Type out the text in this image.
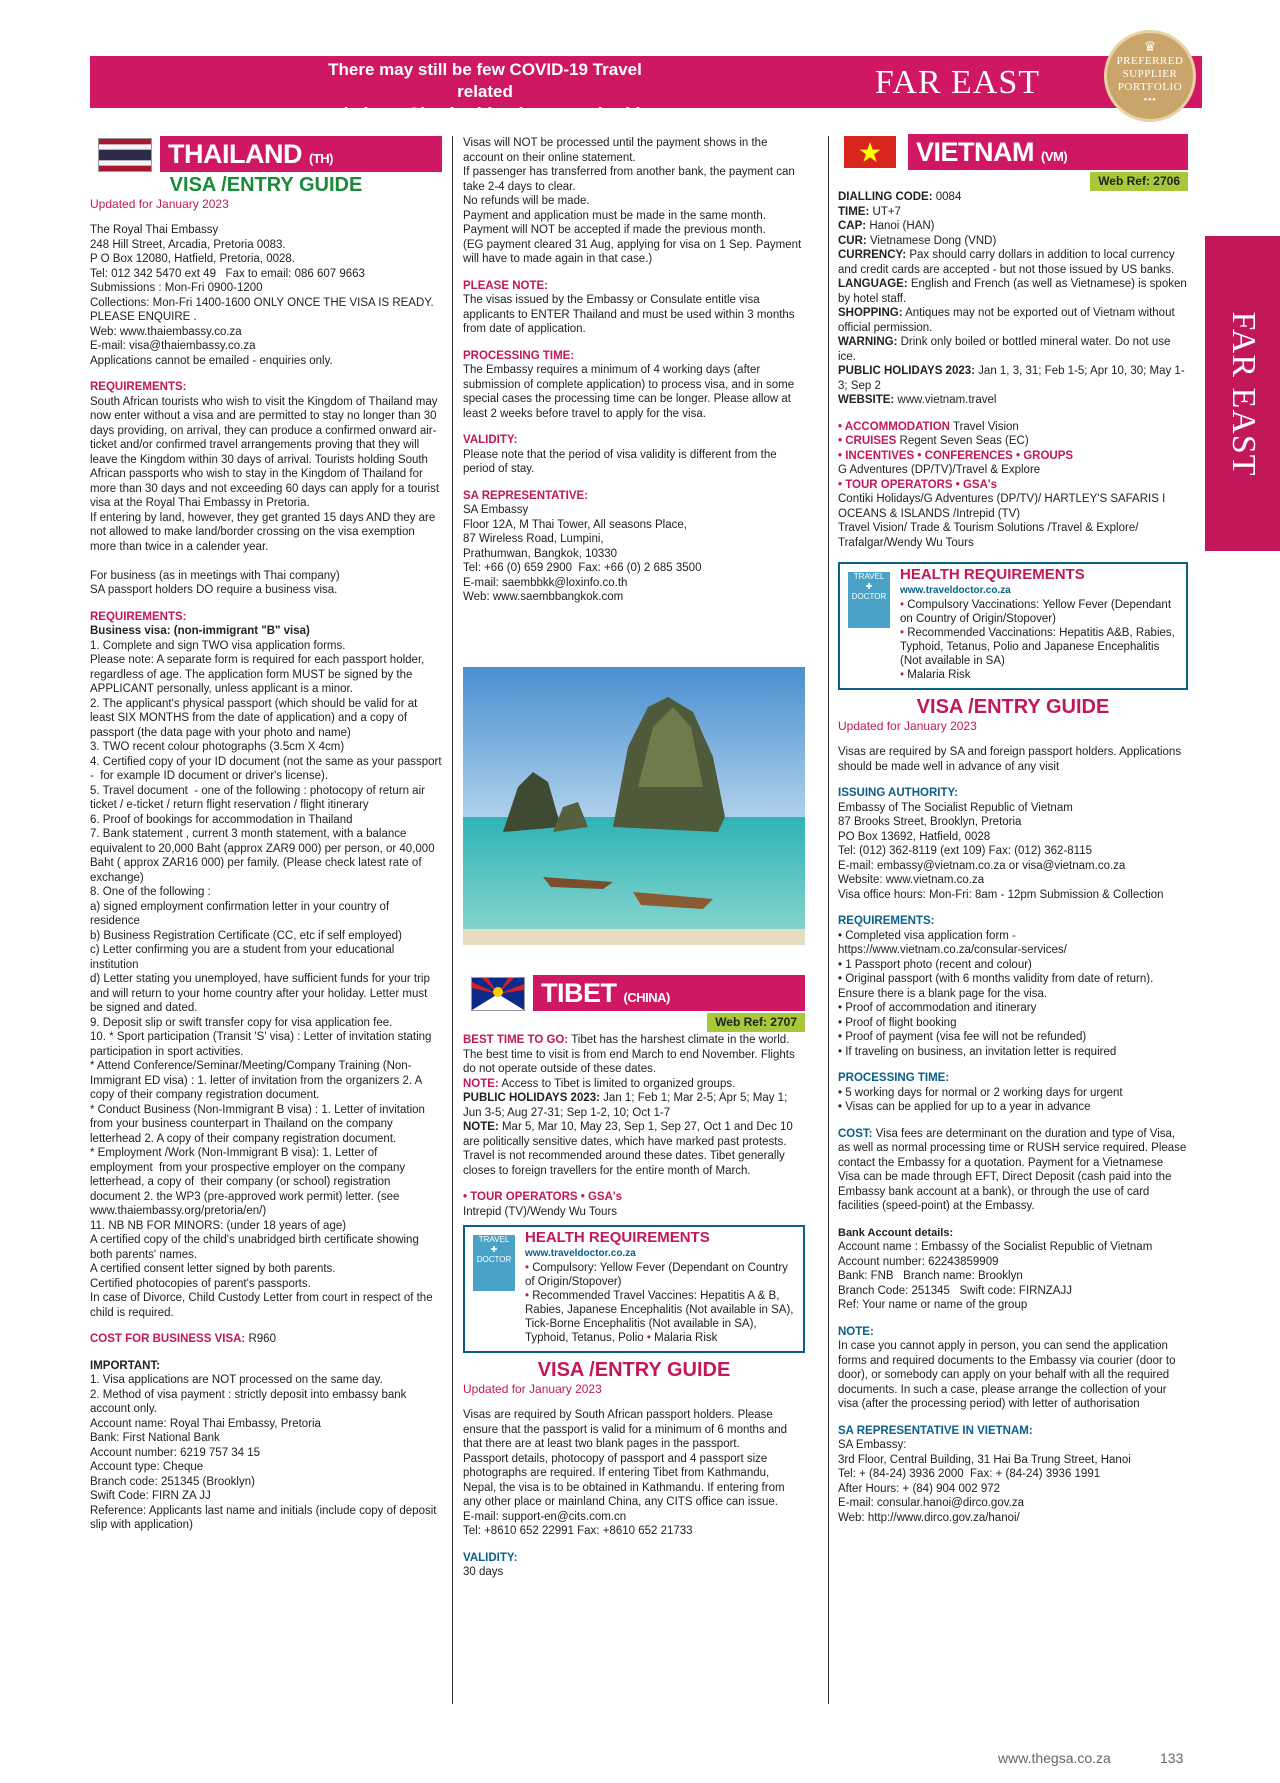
There may still be few COVID-19 Travel related
restrictions. Check with relevant authorities.
FAR EAST
♛
PREFERRED
SUPPLIER
PORTFOLIO
•••
FAR EAST
THAILAND (TH)
VISA /ENTRY GUIDE
Updated for January 2023
The Royal Thai Embassy
248 Hill Street, Arcadia, Pretoria 0083.
P O Box 12080, Hatfield, Pretoria, 0028.
Tel: 012 342 5470 ext 49   Fax to email: 086 607 9663
Submissions : Mon-Fri 0900-1200
Collections: Mon-Fri 1400-1600 ONLY ONCE THE VISA IS READY. PLEASE ENQUIRE .
Web: www.thaiembassy.co.za
E-mail: visa@thaiembassy.co.za
Applications cannot be emailed - enquiries only.
REQUIREMENTS:
South African tourists who wish to visit the Kingdom of Thailand may now enter without a visa and are permitted to stay no longer than 30 days providing, on arrival, they can produce a confirmed onward air-ticket and/or confirmed travel arrangements proving that they will leave the Kingdom within 30 days of arrival. Tourists holding South African passports who wish to stay in the Kingdom of Thailand for more than 30 days and not exceeding 60 days can apply for a tourist visa at the Royal Thai Embassy in Pretoria.
If entering by land, however, they get granted 15 days AND they are not allowed to make land/border crossing on the visa exemption more than twice in a calender year.

For business (as in meetings with Thai company)
SA passport holders DO require a business visa.
REQUIREMENTS:
Business visa: (non-immigrant "B" visa)
1. Complete and sign TWO visa application forms.
Please note: A separate form is required for each passport holder, regardless of age. The application form MUST be signed by the APPLICANT personally, unless applicant is a minor.
2. The applicant's physical passport (which should be valid for at least SIX MONTHS from the date of application) and a copy of passport (the data page with your photo and name)
3. TWO recent colour photographs (3.5cm X 4cm)
4. Certified copy of your ID document (not the same as your passport -  for example ID document or driver's license).
5. Travel document  - one of the following : photocopy of return air ticket / e-ticket / return flight reservation / flight itinerary
6. Proof of bookings for accommodation in Thailand
7. Bank statement , current 3 month statement, with a balance equivalent to 20,000 Baht (approx ZAR9 000) per person, or 40,000 Baht ( approx ZAR16 000) per family. (Please check latest rate of exchange)
8. One of the following :
a) signed employment confirmation letter in your country of residence
b) Business Registration Certificate (CC, etc if self employed)
c) Letter confirming you are a student from your educational institution
d) Letter stating you unemployed, have sufficient funds for your trip and will return to your home country after your holiday. Letter must be signed and dated.
9. Deposit slip or swift transfer copy for visa application fee.
10. * Sport participation (Transit 'S' visa) : Letter of invitation stating participation in sport activities.
* Attend Conference/Seminar/Meeting/Company Training (Non-Immigrant ED visa) : 1. letter of invitation from the organizers 2. A copy of their company registration document.
* Conduct Business (Non-Immigrant B visa) : 1. Letter of invitation  from your business counterpart in Thailand on the company  letterhead 2. A copy of their company registration document.
* Employment /Work (Non-Immigrant B visa): 1. Letter of employment  from your prospective employer on the company letterhead, a copy of  their company (or school) registration document 2. the WP3 (pre-approved work permit) letter. (see www.thaiembassy.org/pretoria/en/)
11. NB NB FOR MINORS: (under 18 years of age)
A certified copy of the child's unabridged birth certificate showing both parents' names.
A certified consent letter signed by both parents.
Certified photocopies of parent's passports.
In case of Divorce, Child Custody Letter from court in respect of the child is required.
COST FOR BUSINESS VISA: R960
IMPORTANT:
1. Visa applications are NOT processed on the same day.
2. Method of visa payment : strictly deposit into embassy bank account only.
Account name: Royal Thai Embassy, Pretoria
Bank: First National Bank
Account number: 6219 757 34 15
Account type: Cheque
Branch code: 251345 (Brooklyn)
Swift Code: FIRN ZA JJ
Reference: Applicants last name and initials (include copy of deposit slip with application)
Visas will NOT be processed until the payment shows in the account on their online statement.
If passenger has transferred from another bank, the payment can take 2-4 days to clear.
No refunds will be made.
Payment and application must be made in the same month.
Payment will NOT be accepted if made the previous month.
(EG payment cleared 31 Aug, applying for visa on 1 Sep. Payment will have to made again in that case.)
PLEASE NOTE:
The visas issued by the Embassy or Consulate entitle visa applicants to ENTER Thailand and must be used within 3 months from date of application.
PROCESSING TIME:
The Embassy requires a minimum of 4 working days (after submission of complete application) to process visa, and in some special cases the processing time can be longer. Please allow at least 2 weeks before travel to apply for the visa.
VALIDITY:
Please note that the period of visa validity is different from the period of stay.
SA REPRESENTATIVE:
SA Embassy
Floor 12A, M Thai Tower, All seasons Place,
87 Wireless Road, Lumpini,
Prathumwan, Bangkok, 10330
Tel: +66 (0) 659 2900  Fax: +66 (0) 2 685 3500
E-mail: saembbkk@loxinfo.co.th
Web: www.saembbangkok.com
TIBET (CHINA)
Web Ref: 2707
BEST TIME TO GO: Tibet has the harshest climate in the world. The best time to visit is from end March to end November. Flights do not operate outside of these dates.
NOTE: Access to Tibet is limited to organized groups.
PUBLIC HOLIDAYS 2023: Jan 1; Feb 1; Mar 2-5; Apr 5; May 1; Jun 3-5; Aug 27-31; Sep 1-2, 10; Oct 1-7
NOTE: Mar 5, Mar 10, May 23, Sep 1, Sep 27, Oct 1 and Dec 10 are politically sensitive dates, which have marked past protests. Travel is not recommended around these dates. Tibet generally closes to foreign travellers for the entire month of March.
• TOUR OPERATORS • GSA's
Intrepid (TV)/Wendy Wu Tours
TRAVEL
✚
DOCTOR
HEALTH REQUIREMENTS www.traveldoctor.co.za
• Compulsory: Yellow Fever (Dependant on Country of Origin/Stopover)
• Recommended Travel Vaccines: Hepatitis A & B, Rabies, Japanese Encephalitis (Not available in SA), Tick-Borne Encephalitis (Not available in SA), Typhoid, Tetanus, Polio • Malaria Risk
VISA /ENTRY GUIDE
Updated for January 2023
Visas are required by South African passport holders. Please ensure that the passport is valid for a minimum of 6 months and that there are at least two blank pages in the passport.
Passport details, photocopy of passport and 4 passport size photographs are required. If entering Tibet from Kathmandu, Nepal, the visa is to be obtained in Kathmandu. If entering from any other place or mainland China, any CITS office can issue.
E-mail: support-en@cits.com.cn
Tel: +8610 652 22991 Fax: +8610 652 21733
VALIDITY:
30 days
VIETNAM (VM)
Web Ref: 2706
DIALLING CODE: 0084
TIME: UT+7
CAP: Hanoi (HAN)
CUR: Vietnamese Dong (VND)
CURRENCY: Pax should carry dollars in addition to local currency and credit cards are accepted - but not those issued by US banks.
LANGUAGE: English and French (as well as Vietnamese) is spoken by hotel staff.
SHOPPING: Antiques may not be exported out of Vietnam without official permission.
WARNING: Drink only boiled or bottled mineral water. Do not use ice.
PUBLIC HOLIDAYS 2023: Jan 1, 3, 31; Feb 1-5; Apr 10, 30; May 1-3; Sep 2
WEBSITE: www.vietnam.travel
• ACCOMMODATION Travel Vision
• CRUISES Regent Seven Seas (EC)
• INCENTIVES • CONFERENCES • GROUPS
G Adventures (DP/TV)/Travel & Explore
• TOUR OPERATORS • GSA's
Contiki Holidays/G Adventures (DP/TV)/ HARTLEY'S SAFARIS I OCEANS & ISLANDS /Intrepid (TV)
Travel Vision/ Trade & Tourism Solutions /Travel & Explore/ Trafalgar/Wendy Wu Tours
TRAVEL
✚
DOCTOR
HEALTH REQUIREMENTS www.traveldoctor.co.za
• Compulsory Vaccinations: Yellow Fever (Dependant on Country of Origin/Stopover)
• Recommended Vaccinations: Hepatitis A&B, Rabies, Typhoid, Tetanus, Polio and Japanese Encephalitis (Not available in SA)
• Malaria Risk
VISA /ENTRY GUIDE
Updated for January 2023
Visas are required by SA and foreign passport holders. Applications should be made well in advance of any visit
ISSUING AUTHORITY:
Embassy of The Socialist Republic of Vietnam
87 Brooks Street, Brooklyn, Pretoria
PO Box 13692, Hatfield, 0028
Tel: (012) 362-8119 (ext 109) Fax: (012) 362-8115
E-mail: embassy@vietnam.co.za or visa@vietnam.co.za
Website: www.vietnam.co.za
Visa office hours: Mon-Fri: 8am - 12pm Submission & Collection
REQUIREMENTS:
• Completed visa application form - https://www.vietnam.co.za/consular-services/
• 1 Passport photo (recent and colour)
• Original passport (with 6 months validity from date of return). Ensure there is a blank page for the visa.
• Proof of accommodation and itinerary
• Proof of flight booking
• Proof of payment (visa fee will not be refunded)
• If traveling on business, an invitation letter is required
PROCESSING TIME:
• 5 working days for normal or 2 working days for urgent
• Visas can be applied for up to a year in advance
COST: Visa fees are determinant on the duration and type of Visa, as well as normal processing time or RUSH service required. Please contact the Embassy for a quotation. Payment for a Vietnamese Visa can be made through EFT, Direct Deposit (cash paid into the Embassy bank account at a bank), or through the use of card facilities (speed-point) at the Embassy.
Bank Account details:
Account name : Embassy of the Socialist Republic of Vietnam
Account number: 62243859909
Bank: FNB   Branch name: Brooklyn
Branch Code: 251345   Swift code: FIRNZAJJ
Ref: Your name or name of the group
NOTE:
In case you cannot apply in person, you can send the application forms and required documents to the Embassy via courier (door to door), or somebody can apply on your behalf with all the required documents. In such a case, please arrange the collection of your visa (after the processing period) with letter of authorisation
SA REPRESENTATIVE IN VIETNAM:
SA Embassy:
3rd Floor, Central Building, 31 Hai Ba Trung Street, Hanoi
Tel: + (84-24) 3936 2000  Fax: + (84-24) 3936 1991
After Hours: + (84) 904 002 972
E-mail: consular.hanoi@dirco.gov.za
Web: http://www.dirco.gov.za/hanoi/
www.thegsa.co.za	133
